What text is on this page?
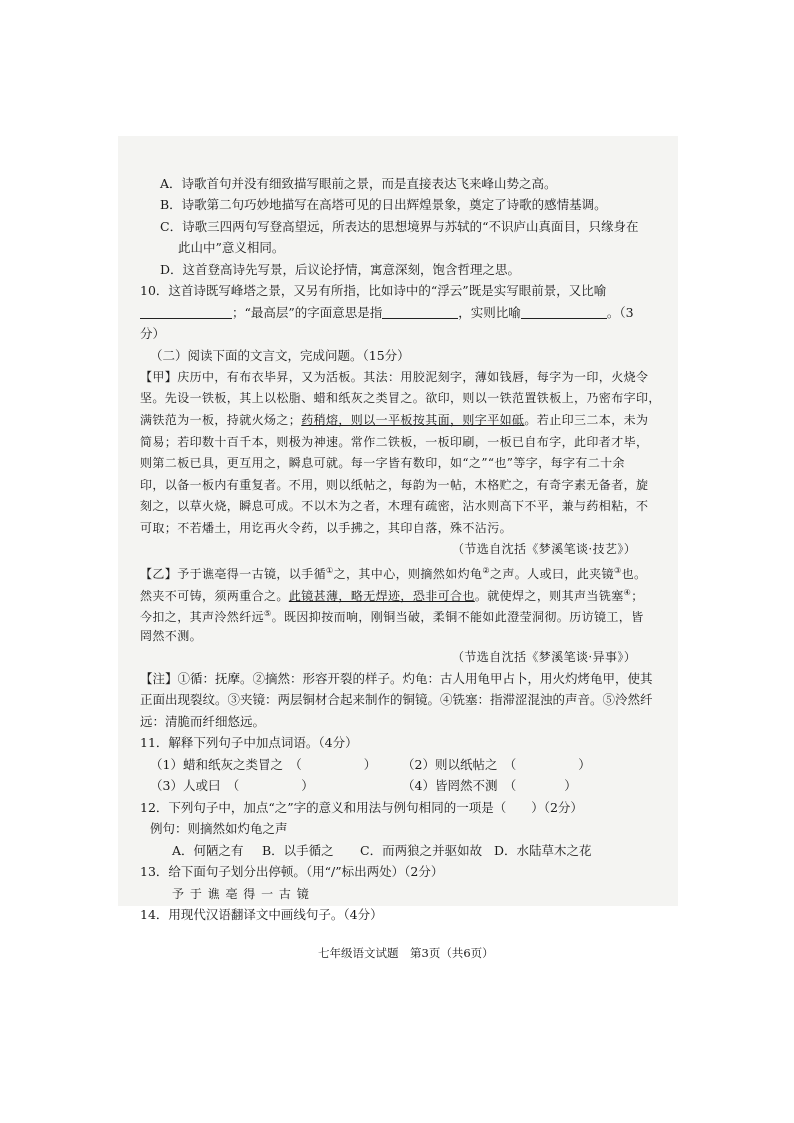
A．诗歌首句并没有细致描写眼前之景，而是直接表达飞来峰山势之高。
B．诗歌第二句巧妙地描写在高塔可见的日出辉煌景象，奠定了诗歌的感情基调。
C．诗歌三四两句写登高望远，所表达的思想境界与苏轼的“不识庐山真面目，只缘身在
此山中”意义相同。
D．这首登高诗先写景，后议论抒情，寓意深刻，饱含哲理之思。
10．这首诗既写峰塔之景，又另有所指，比如诗中的“浮云”既是实写眼前景，又比喻
；“最高层”的字面意思是指	，实则比喻	。（3
分）
（二）阅读下面的文言文，完成问题。（15分）
【甲】庆历中，有布衣毕昇，又为活板。其法：用胶泥刻字，薄如钱唇，每字为一印，火烧令
坚。先设一铁板，其上以松脂、蜡和纸灰之类冒之。欲印，则以一铁范置铁板上，乃密布字印，
满铁范为一板，持就火炀之；药稍熔，则以一平板按其面，则字平如砥。若止印三二本，未为
简易；若印数十百千本，则极为神速。常作二铁板，一板印刷，一板已自布字，此印者才毕，
则第二板已具，更互用之，瞬息可就。每一字皆有数印，如“之”“也”等字，每字有二十余
印，以备一板内有重复者。不用，则以纸帖之，每韵为一帖，木格贮之，有奇字素无备者，旋
刻之，以草火烧，瞬息可成。不以木为之者，木理有疏密，沾水则高下不平，兼与药相粘，不
可取；不若燔土，用讫再火令药，以手拂之，其印自落，殊不沾污。
（节选自沈括《梦溪笔谈·技艺》）
【乙】予于谯亳得一古镜，以手循①之，其中心，则摘然如灼龟②之声。人或曰，此夹镜③也。
然夹不可铸，须两重合之。此镜甚薄，略无焊迹，恐非可合也。就使焊之，则其声当铣塞④；
今扣之，其声泠然纤远⑤。既因抑按而响，刚铜当破，柔铜不能如此澄莹洞彻。历访镜工，皆
罔然不测。
（节选自沈括《梦溪笔谈·异事》）
【注】①循：抚摩。②摘然：形容开裂的样子。灼龟：古人用龟甲占卜，用火灼烤龟甲，使其
正面出现裂纹。③夹镜：两层铜材合起来制作的铜镜。④铣塞：指滞涩混浊的声音。⑤泠然纤
远：清脆而纤细悠远。
11．解释下列句子中加点词语。（4分）
（1）蜡和纸灰之类冒之　（	） （2）则以纸帖之　（	）
（3）人或曰　（	）	（4）皆罔然不测　（	）
12．下列句子中，加点“之”字的意义和用法与例句相同的一项是（　　）（2分）
例句：则摘然如灼龟之声
A．何陋之有 B．以手循之 C．而两狼之并驱如故 D．水陆草木之花
13．给下面句子划分出停顿。（用“/”标出两处）（2分）
予 于 谯 亳 得 一 古 镜
14．用现代汉语翻译文中画线句子。（4分）
七年级语文试题　第3页（共6页）
